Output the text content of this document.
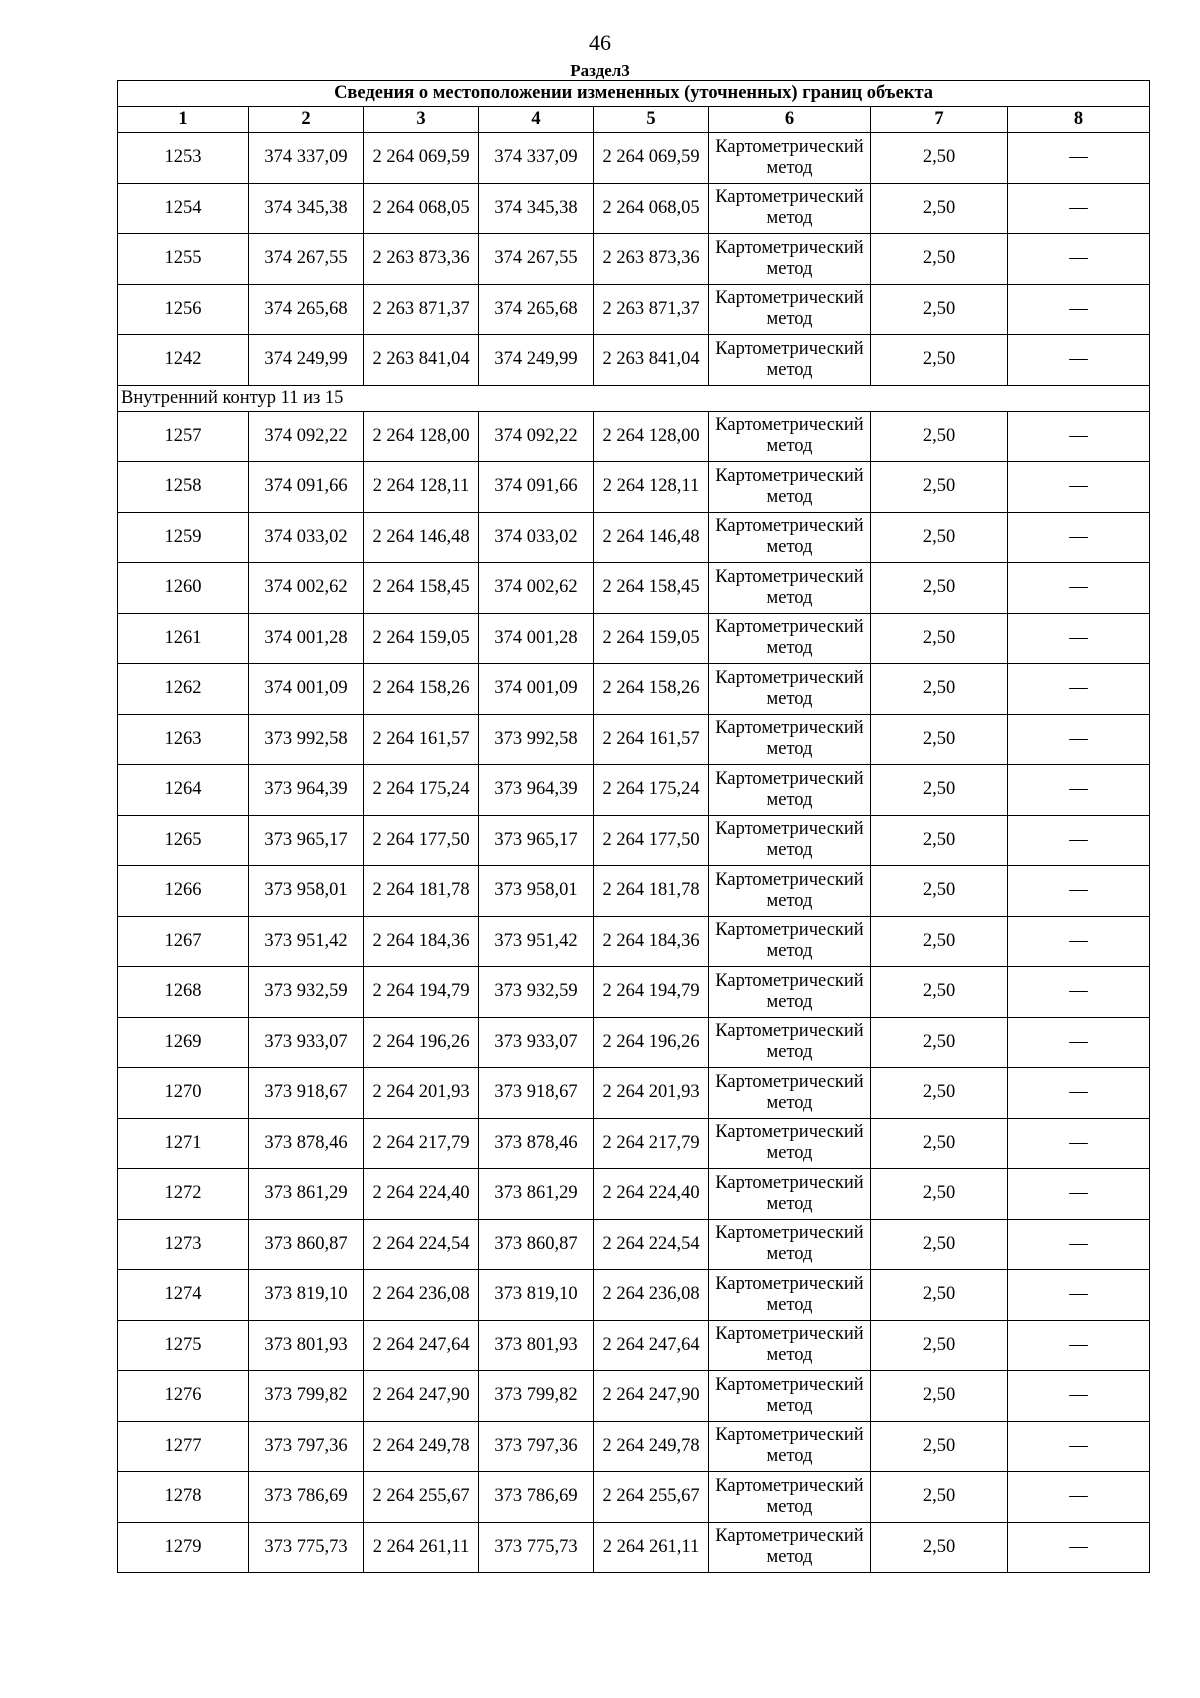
46
Раздел3
Сведения о местоположении измененных (уточненных) границ объекта							
1	2	3	4	5	6	7	8
1253	374 337,09	2 264 069,59	374 337,09	2 264 069,59	Картометрический метод	2,50	—
1254	374 345,38	2 264 068,05	374 345,38	2 264 068,05	Картометрический метод	2,50	—
1255	374 267,55	2 263 873,36	374 267,55	2 263 873,36	Картометрический метод	2,50	—
1256	374 265,68	2 263 871,37	374 265,68	2 263 871,37	Картометрический метод	2,50	—
1242	374 249,99	2 263 841,04	374 249,99	2 263 841,04	Картометрический метод	2,50	—
Внутренний контур 11 из 15							
1257	374 092,22	2 264 128,00	374 092,22	2 264 128,00	Картометрический метод	2,50	—
1258	374 091,66	2 264 128,11	374 091,66	2 264 128,11	Картометрический метод	2,50	—
1259	374 033,02	2 264 146,48	374 033,02	2 264 146,48	Картометрический метод	2,50	—
1260	374 002,62	2 264 158,45	374 002,62	2 264 158,45	Картометрический метод	2,50	—
1261	374 001,28	2 264 159,05	374 001,28	2 264 159,05	Картометрический метод	2,50	—
1262	374 001,09	2 264 158,26	374 001,09	2 264 158,26	Картометрический метод	2,50	—
1263	373 992,58	2 264 161,57	373 992,58	2 264 161,57	Картометрический метод	2,50	—
1264	373 964,39	2 264 175,24	373 964,39	2 264 175,24	Картометрический метод	2,50	—
1265	373 965,17	2 264 177,50	373 965,17	2 264 177,50	Картометрический метод	2,50	—
1266	373 958,01	2 264 181,78	373 958,01	2 264 181,78	Картометрический метод	2,50	—
1267	373 951,42	2 264 184,36	373 951,42	2 264 184,36	Картометрический метод	2,50	—
1268	373 932,59	2 264 194,79	373 932,59	2 264 194,79	Картометрический метод	2,50	—
1269	373 933,07	2 264 196,26	373 933,07	2 264 196,26	Картометрический метод	2,50	—
1270	373 918,67	2 264 201,93	373 918,67	2 264 201,93	Картометрический метод	2,50	—
1271	373 878,46	2 264 217,79	373 878,46	2 264 217,79	Картометрический метод	2,50	—
1272	373 861,29	2 264 224,40	373 861,29	2 264 224,40	Картометрический метод	2,50	—
1273	373 860,87	2 264 224,54	373 860,87	2 264 224,54	Картометрический метод	2,50	—
1274	373 819,10	2 264 236,08	373 819,10	2 264 236,08	Картометрический метод	2,50	—
1275	373 801,93	2 264 247,64	373 801,93	2 264 247,64	Картометрический метод	2,50	—
1276	373 799,82	2 264 247,90	373 799,82	2 264 247,90	Картометрический метод	2,50	—
1277	373 797,36	2 264 249,78	373 797,36	2 264 249,78	Картометрический метод	2,50	—
1278	373 786,69	2 264 255,67	373 786,69	2 264 255,67	Картометрический метод	2,50	—
1279	373 775,73	2 264 261,11	373 775,73	2 264 261,11	Картометрический метод	2,50	—
